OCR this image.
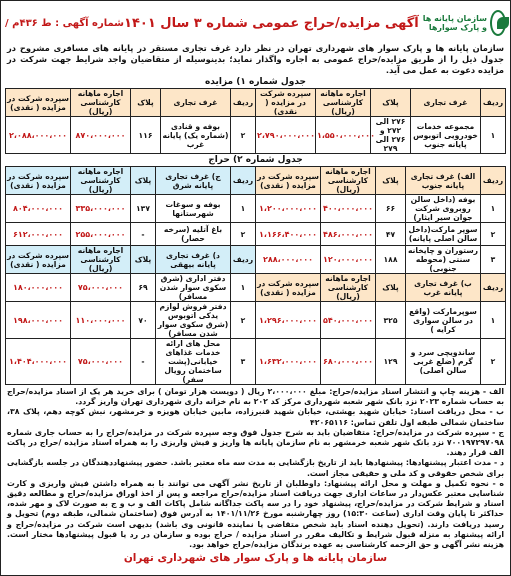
سازمان پایانه ها و پارک سوارها
آگهی مزایده/حراج عمومی شماره ۳ سال ۱۴۰۱
شماره آگهی : ط ۴۳۶م /

سازمان پایانه ها و پارک سوار های شهرداری تهران در نظر دارد غرف تجاری مستقر در پایانه های مسافری مشروح در جدول ذیل را از طریق مزایده/حراج عمومی به اجاره واگذار نماید؛ بدینوسیله از متقاضیان واجد شرایط جهت شرکت در مزایده دعوت به عمل می آید.

جدول شماره ۱) مزایده
ردیف	غرف تجاری	پلاک	اجاره ماهانه کارشناسی (ریال)	سپرده شرکت در مزایده ( نقدی)	ردیف	غرف تجاری	پلاک	اجاره ماهانه کارشناسی (ریال)	سپرده شرکت در مزایده ( نقدی)
۱	مجموعه خدمات خودرویی اتوبوس پایانه جنوب	۲۷۶ الی ۲۷۲ و ۲۷۶ الی ۲۷۹	۱،۵۵۰،۰۰۰،۰۰۰	۲،۷۹۰،۰۰۰،۰۰۰	۲	بوفه و قنادی (شماره یک) پایانه غرب	۱۱۶	۸۷۰،۰۰۰،۰۰۰	۲،۰۸۸،۰۰۰،۰۰۰
جدول شماره ۲) حراج
ردیف	الف) غرف تجاری پایانه جنوب	پلاک	اجاره ماهانه کارشناسی (ریال)	سپرده شرکت در مزایده ( نقدی)	ردیف	ج) غرف تجاری پایانه شرق	پلاک	اجاره ماهانه کارشناسی (ریال)	سپرده شرکت در مزایده ( نقدی)
۱	بوفه (داخل سالن روبروی شرکت جوان سیر ایثار)	۶۶	۴۰۰،۰۰۰،۰۰۰	۱،۲۰۰،۰۰۰،۰۰۰	۱	بوفه و سوغات شهرستانها	۱۳۷	۳۳۵،۰۰۰،۰۰۰	۸۰۴،۰۰۰،۰۰۰
۲	سوپر مارکت(داخل سالن اصلی پایانه)	۴۷	۴۸۶،۰۰۰،۰۰۰	۱،۱۶۶،۴۰۰،۰۰۰	۲	باغ آتلیه (سرخه حصار)	-	۲۵۵،۰۰۰،۰۰۰	۶۱۲،۰۰۰،۰۰۰
۳	رستوران و چایخانه سنتی (محوطه جنوبی)	۱۸۸	۱۲۰،۰۰۰،۰۰۰	۲۸۸،۰۰۰،۰۰۰	ردیف	د) غرف تجاری پایانه بیهقی	پلاک	اجاره ماهانه کارشناسی (ریال)	سپرده شرکت در مزایده ( نقدی)
ردیف	ب) غرف تجاری پایانه غرب	پلاک	اجاره ماهانه کارشناسی (ریال)	سپرده شرکت در مزایده ( نقدی)	۱	دفتر اداری (شرق سکوی سوار شدن مسافر)	۶۹	۷۵،۰۰۰،۰۰۰	۱۸۰،۰۰۰،۰۰۰
۱	سوپرمارکت (واقع در سالن سواری کرایه )	۳۲۵	۵۴۰،۰۰۰،۰۰۰	۱،۲۹۶،۰۰۰،۰۰۰	۲	دفتر فروش لوازم یدکی اتوبوس (شرق سکوی سوار شدن مسافر)	۷۰	۱۱۰،۰۰۰،۰۰۰	۱۹۸،۰۰۰،۰۰۰
۲	ساندویچی سرد و گرم (ضلع غربی سالن اصلی)	۱۲۹	۶۸۰،۰۰۰،۰۰۰	۱،۶۳۲،۰۰۰،۰۰۰	۳	محل های ارائه خدمات غذاهای خیابانی(پشت ساختمان رویال سفر)	-	۷۵،۰۰۰،۰۰۰	۱،۴۰۴،۰۰۰،۰۰۰

الف - هزینه چاپ و انتشار اسناد مزایده/حراج: مبلغ ۲،۰۰۰،۰۰۰ ریال ( دویست هزار تومان ) برای خرید هر یک از اسناد مزایده/حراج به حساب شماره ۲۰۲۳ نزد بانک شهر شعبه شهرداری مرکز کد ۲۰۲ به نام خزانه داری شهرداری تهران واریز گردد.

ب - محل دریافت اسناد: خیابان شهید بهشتی، خیابان شهید قنبرزاده، مابین خیابان هویزه و خرمشهر، نبش کوچه دهم، پلاک ۳۸، ساختمان شمالی طبقه اول تلفن تماس: ۴۲۰۶۵۱۱۶

ج - سپرده شرکت در مزایده/حراج: متقاضیان باید به شرح جدول فوق وجه سپرده شرکت در مزایده/حراج را به حساب جاری شماره ۷۰۰۱۹۷۲۹۷۰۹۸ نزد بانک شهر شعبه خرمشهر به نام سازمان پایانه ها واریز و فیش واریزی را به همراه اسناد مزایده /حراج در پاکت الف قرار دهند.

د - مدت اعتبار پیشنهادها: پیشنهادها باید از تاریخ بازگشایی به مدت سه ماه معتبر باشد. حضور پیشنهاددهندگان در جلسه بازگشایی برای شخص حقوقی و کد ملی و حقیقی مجاز است.

ه - نحوه تکمیل و مهلت و محل ارائه پیشنهاد: داوطلبان از تاریخ نشر آگهی می توانند با به همراه داشتن فیش واریزی و کارت شناسایی معتبر عکس‌دار در ساعات اداری جهت دریافت اسناد مزایده/حراج مراجعه و پس از اخذ اوراق مزایده/حراج و مطالعه دقیق اسناد و شرایط شرکت در مزایده/حراج، پیشنهاد خود را در سه پاکت جداگانه شامل پاکات الف و ب و ج به صورت لاک و مهر شده، حداکثر تا پایان وقت اداری (ساعت ۱۵:۳۰) روز چهارشنبه مورخ ۱۴۰۱/۱۱/۲۶ به آدرس فوق (ساختمان شمالی، طبقه دوم) تحویل و رسید دریافت دارند. (تحویل دهنده اسناد باید شخص متقاضی یا نماینده قانونی وی باشد) بدیهی است شرکت در مزایده/حراج و ارائه پیشنهاد به منزله قبول شرایط و تکالیف مقرر در اسناد مزایده / حراج بوده و سازمان در رد یا قبول پیشنهادها مختار است. هزینه نشر آگهی و حق الزحمه کارشناسی به عهده برندگان مزایده/حراج خواهد بود.

سازمان پایانه ها و پارک سوار های شهرداری تهران
